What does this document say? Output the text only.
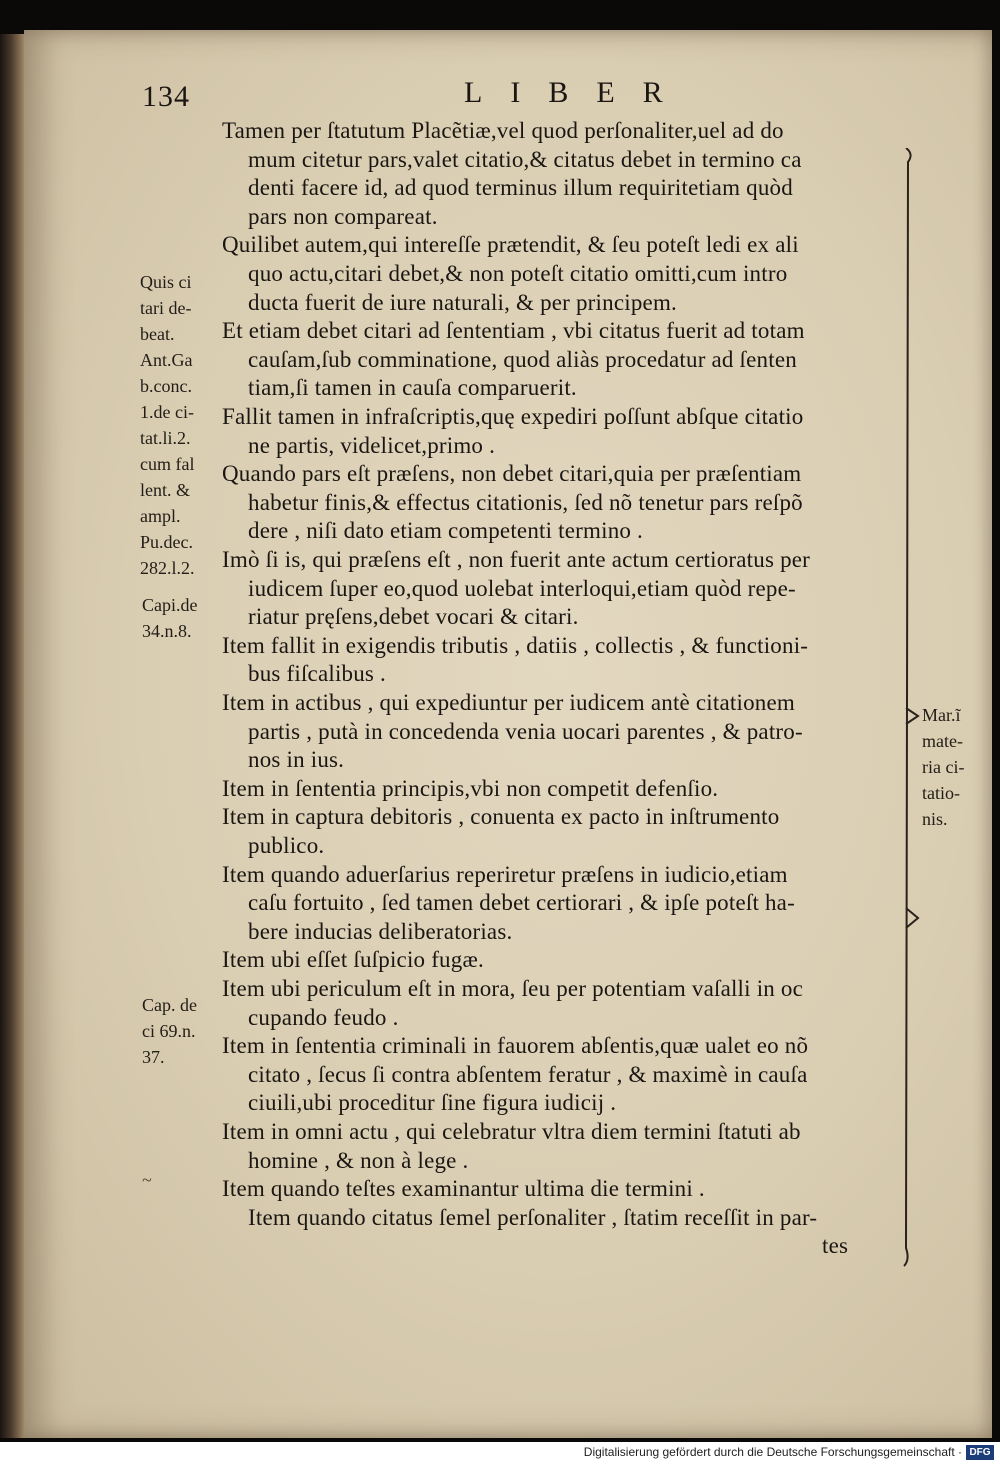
134	LIBER
Tamen per ſtatutum Placẽtiæ,vel quod perſonaliter,uel ad do
mum citetur pars,valet citatio,& citatus debet in termino ca
denti facere id, ad quod terminus illum requiritetiam quòd
pars non compareat.
Quilibet autem,qui intereſſe prætendit, & ſeu poteſt ledi ex ali
quo actu,citari debet,& non poteſt citatio omitti,cum intro
ducta fuerit de iure naturali, & per principem.
Et etiam debet citari ad ſententiam , vbi citatus fuerit ad totam
cauſam,ſub comminatione, quod aliàs procedatur ad ſenten
tiam,ſi tamen in cauſa comparuerit.
Fallit tamen in infraſcriptis,quę expediri poſſunt abſque citatio
ne partis, videlicet,primo .
Quando pars eſt præſens, non debet citari,quia per præſentiam
habetur finis,& effectus citationis, ſed nõ tenetur pars reſpõ
dere , niſi dato etiam competenti termino .
Imò ſi is, qui præſens eſt , non fuerit ante actum certioratus per
iudicem ſuper eo,quod uolebat interloqui,etiam quòd repe-
riatur pręſens,debet vocari & citari.
Item fallit in exigendis tributis , datiis , collectis , & functioni-
bus fiſcalibus .
Item in actibus , qui expediuntur per iudicem antè citationem
partis , putà in concedenda venia uocari parentes , & patro-
nos in ius.
Item in ſententia principis,vbi non competit defenſio.
Item in captura debitoris , conuenta ex pacto in inſtrumento
publico.
Item quando aduerſarius reperiretur præſens in iudicio,etiam
caſu fortuito , ſed tamen debet certiorari , & ipſe poteſt ha-
bere inducias deliberatorias.
Item ubi eſſet ſuſpicio fugæ.
Item ubi periculum eſt in mora, ſeu per potentiam vaſalli in oc
cupando feudo .
Item in ſententia criminali in fauorem abſentis,quæ ualet eo nõ
citato , ſecus ſi contra abſentem feratur , & maximè in cauſa
ciuili,ubi proceditur ſine figura iudicij .
Item in omni actu , qui celebratur vltra diem termini ſtatuti ab
homine , & non à lege .
Item quando teſtes examinantur ultima die termini .
Item quando citatus ſemel perſonaliter , ſtatim receſſit in par-
tes
Quis ci
tari de-
beat.
Ant.Ga
b.conc.
1.de ci-
tat.li.2.
cum fal
lent. &
ampl.
Pu.dec.
282.l.2.
Capi.de
34.n.8.
Cap. de
ci 69.n.
37.
Mar.ĩ
mate-
ria ci-
tatio-
nis.
~
Digitalisierung gefördert durch die Deutsche Forschungsgemeinschaft · DFG
